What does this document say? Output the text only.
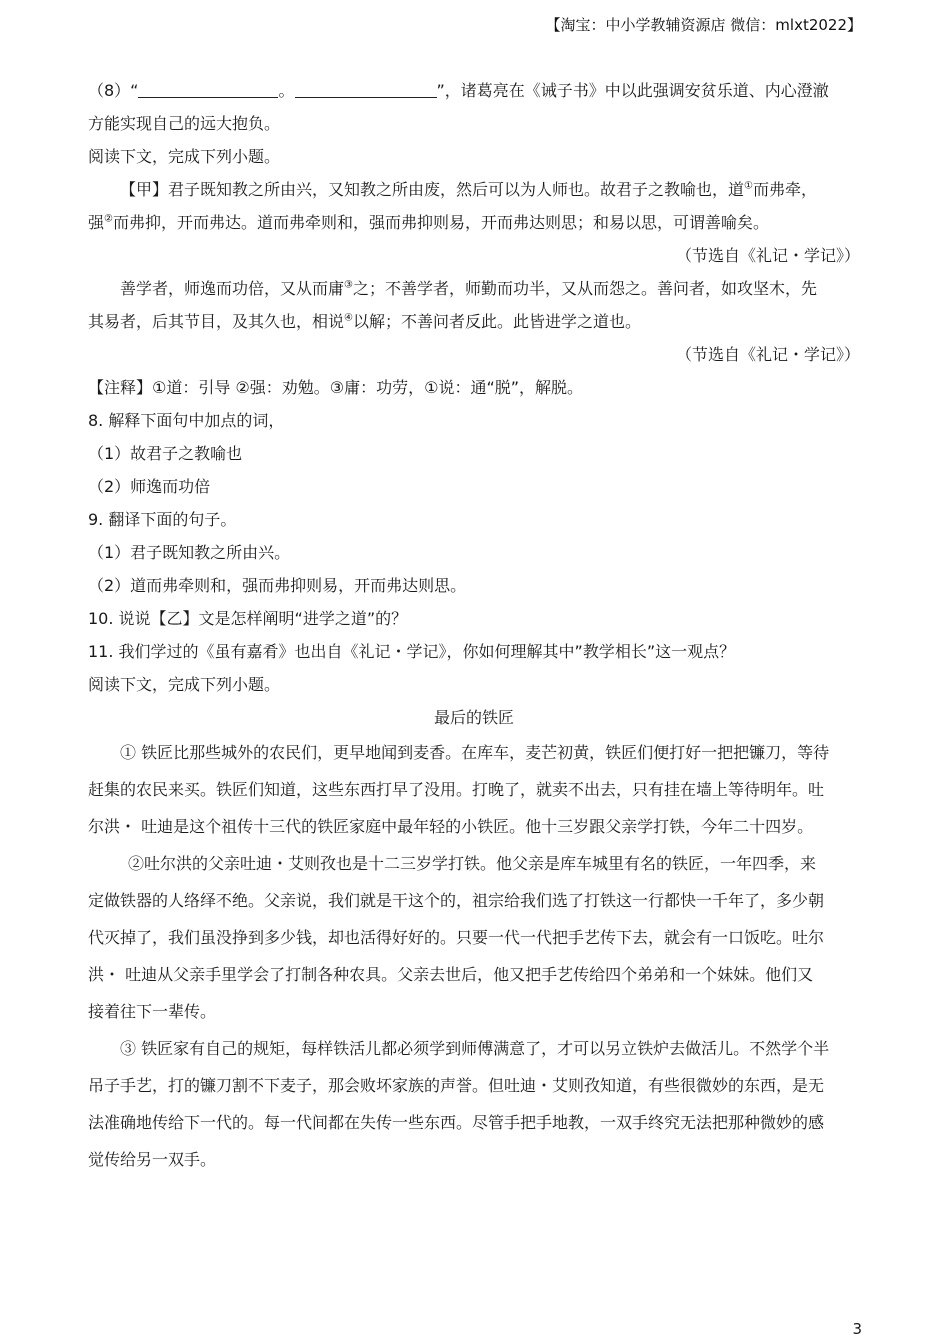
【淘宝：中小学教辅资源店 微信：mlxt2022】
（8）“	。	”，诸葛亮在《诫子书》中以此强调安贫乐道、内心澄澈
方能实现自己的远大抱负。
阅读下文，完成下列小题。
【甲】君子既知教之所由兴，又知教之所由废，然后可以为人师也。故君子之教喻也，道①而弗牵，
强②而弗抑，开而弗达。道而弗牵则和，强而弗抑则易，开而弗达则思；和易以思，可谓善喻矣。
（节选自《礼记・学记》）
善学者，师逸而功倍，又从而庸③之；不善学者，师勤而功半，又从而怨之。善问者，如攻坚木，先
其易者，后其节目，及其久也，相说④以解；不善问者反此。此皆进学之道也。
（节选自《礼记・学记》）
【注释】①道：引导 ②强：劝勉。③庸：功劳，①说：通“脱”，解脱。
8. 解释下面句中加点的词，
（1）故君子之教喻也
（2）师逸而功倍
9. 翻译下面的句子。
（1）君子既知教之所由兴。
（2）道而弗牵则和，强而弗抑则易，开而弗达则思。
10. 说说【乙】文是怎样阐明“进学之道”的？
11. 我们学过的《虽有嘉肴》也出自《礼记・学记》，你如何理解其中”教学相长”这一观点？
阅读下文，完成下列小题。
最后的铁匠
① 铁匠比那些城外的农民们，更早地闻到麦香。在库车，麦芒初黄，铁匠们便打好一把把镰刀，等待
赶集的农民来买。铁匠们知道，这些东西打早了没用。打晚了，就卖不出去，只有挂在墙上等待明年。吐
尔洪・ 吐迪是这个祖传十三代的铁匠家庭中最年轻的小铁匠。他十三岁跟父亲学打铁，今年二十四岁。
②吐尔洪的父亲吐迪・艾则孜也是十二三岁学打铁。他父亲是库车城里有名的铁匠，一年四季，来
定做铁器的人络绎不绝。父亲说，我们就是干这个的，祖宗给我们选了打铁这一行都快一千年了，多少朝
代灭掉了，我们虽没挣到多少钱，却也活得好好的。只要一代一代把手艺传下去，就会有一口饭吃。吐尔
洪・ 吐迪从父亲手里学会了打制各种农具。父亲去世后，他又把手艺传给四个弟弟和一个妹妹。他们又
接着往下一辈传。
③ 铁匠家有自己的规矩，每样铁活儿都必须学到师傅满意了，才可以另立铁炉去做活儿。不然学个半
吊子手艺，打的镰刀割不下麦子，那会败坏家族的声誉。但吐迪・艾则孜知道，有些很微妙的东西，是无
法准确地传给下一代的。每一代间都在失传一些东西。尽管手把手地教，一双手终究无法把那种微妙的感
觉传给另一双手。
3
